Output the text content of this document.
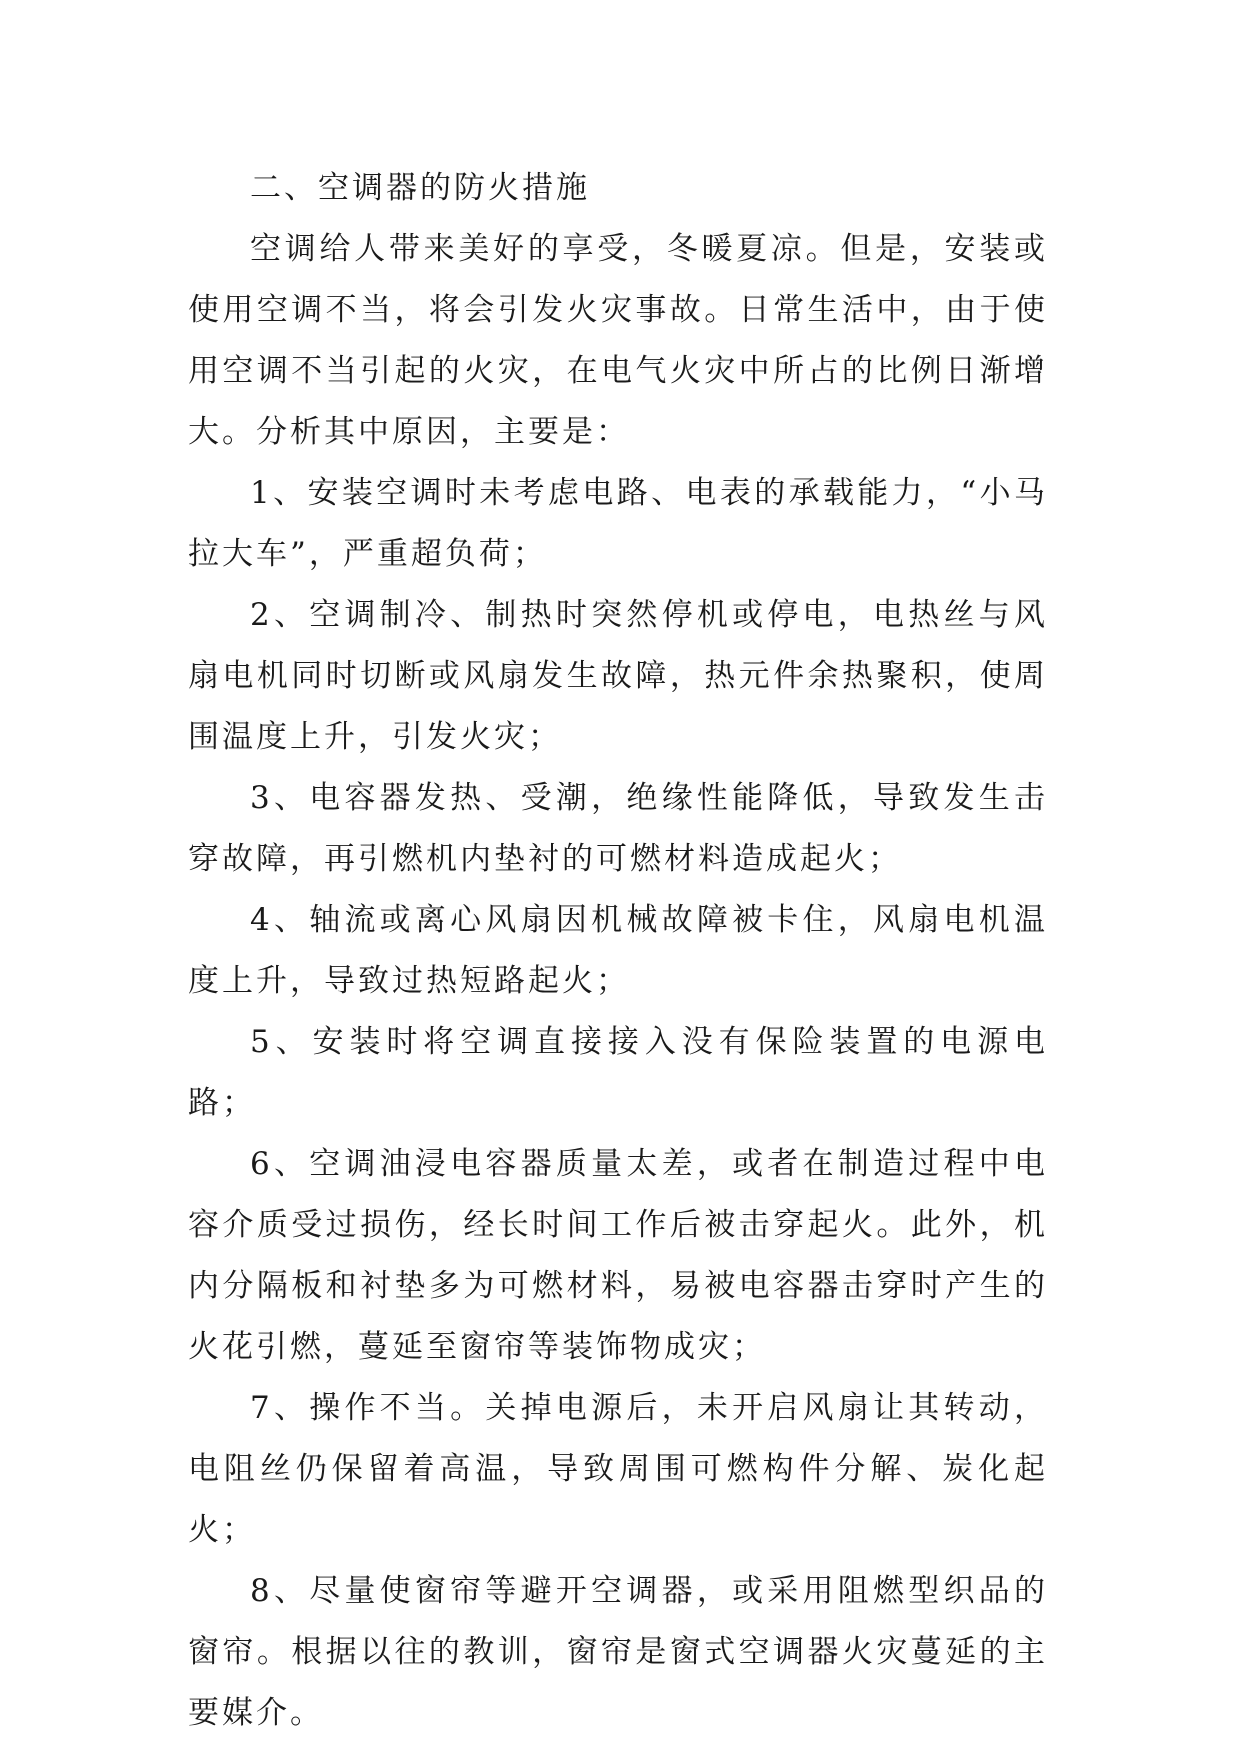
二、空调器的防火措施

空调给人带来美好的享受，冬暖夏凉。但是，安装或使用空调不当，将会引发火灾事故。日常生活中，由于使用空调不当引起的火灾，在电气火灾中所占的比例日渐增大。分析其中原因，主要是：

1、安装空调时未考虑电路、电表的承载能力，“小马拉大车”，严重超负荷；

2、空调制冷、制热时突然停机或停电，电热丝与风扇电机同时切断或风扇发生故障，热元件余热聚积，使周围温度上升，引发火灾；

3、电容器发热、受潮，绝缘性能降低，导致发生击穿故障，再引燃机内垫衬的可燃材料造成起火；

4、轴流或离心风扇因机械故障被卡住，风扇电机温度上升，导致过热短路起火；

5、安装时将空调直接接入没有保险装置的电源电路；

6、空调油浸电容器质量太差，或者在制造过程中电容介质受过损伤，经长时间工作后被击穿起火。此外，机内分隔板和衬垫多为可燃材料，易被电容器击穿时产生的火花引燃，蔓延至窗帘等装饰物成灾；

7、操作不当。关掉电源后，未开启风扇让其转动，电阻丝仍保留着高温，导致周围可燃构件分解、炭化起火；

8、尽量使窗帘等避开空调器，或采用阻燃型织品的窗帘。根据以往的教训，窗帘是窗式空调器火灾蔓延的主要媒介。
